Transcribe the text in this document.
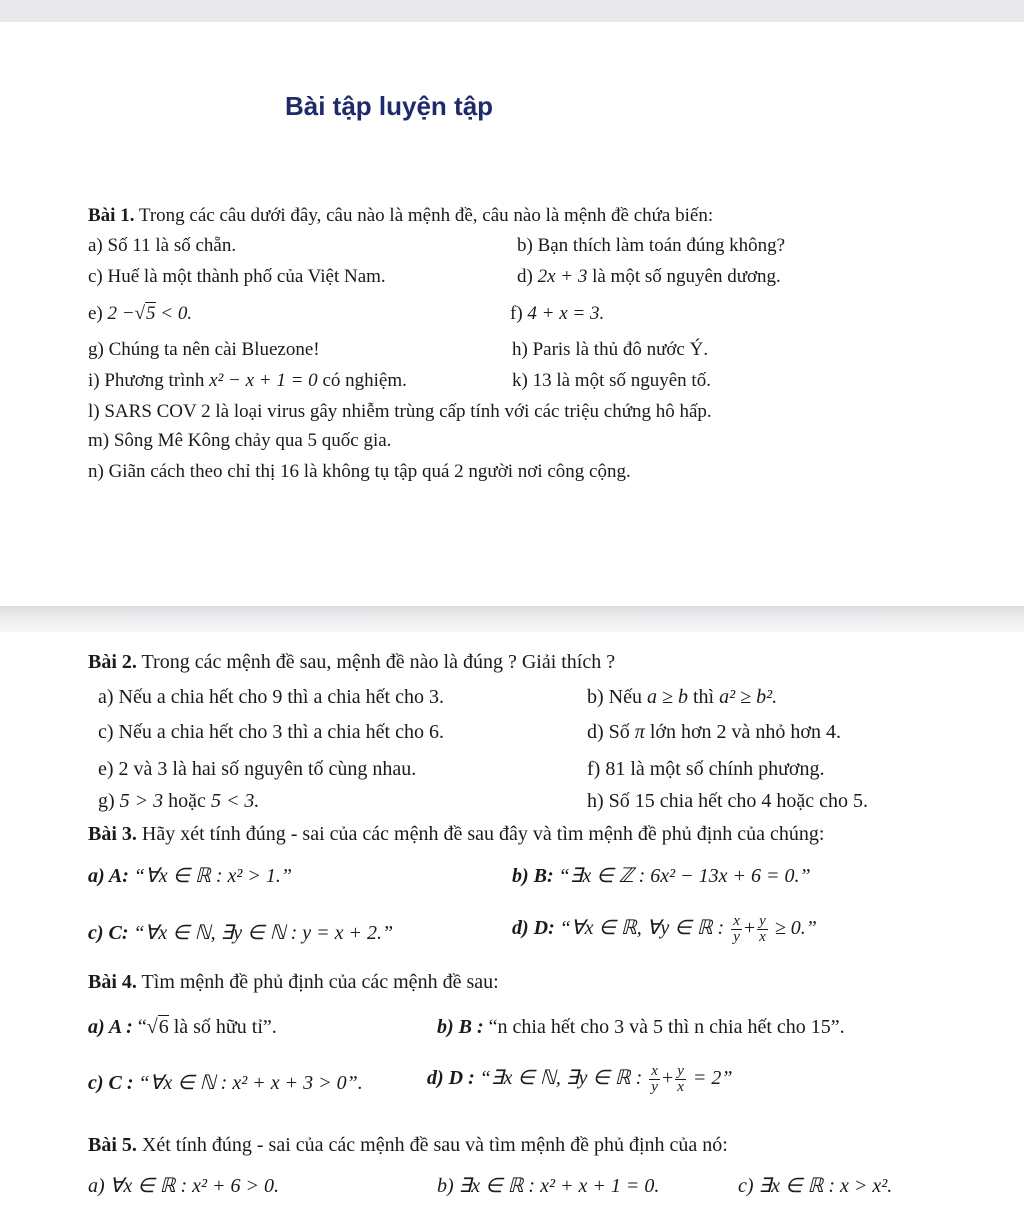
Bài tập luyện tập
Bài 1. Trong các câu dưới đây, câu nào là mệnh đề, câu nào là mệnh đề chứa biến:
a) Số 11 là số chẵn.	b) Bạn thích làm toán đúng không?
c) Huế là một thành phố của Việt Nam.	d) 2x + 3 là một số nguyên dương.
e) 2 −√5 < 0.	f) 4 + x = 3.
g) Chúng ta nên cài Bluezone!	h) Paris là thủ đô nước Ý.
i) Phương trình x² − x + 1 = 0 có nghiệm.	k) 13 là một số nguyên tố.
l) SARS COV 2 là loại virus gây nhiễm trùng cấp tính với các triệu chứng hô hấp.
m) Sông Mê Kông chảy qua 5 quốc gia.
n) Giãn cách theo chỉ thị 16 là không tụ tập quá 2 người nơi công cộng.
Bài 2. Trong các mệnh đề sau, mệnh đề nào là đúng ? Giải thích ?
a) Nếu a chia hết cho 9 thì a chia hết cho 3.	b) Nếu a ≥ b thì a² ≥ b².
c) Nếu a chia hết cho 3 thì a chia hết cho 6.	d) Số π lớn hơn 2 và nhỏ hơn 4.
e) 2 và 3 là hai số nguyên tố cùng nhau.	f) 81 là một số chính phương.
g) 5 > 3 hoặc 5 < 3.	h) Số 15 chia hết cho 4 hoặc cho 5.
Bài 3. Hãy xét tính đúng - sai của các mệnh đề sau đây và tìm mệnh đề phủ định của chúng:
a) A: “∀x ∈ ℝ : x² > 1.”	b) B: “∃x ∈ ℤ : 6x² − 13x + 6 = 0.”
c) C: “∀x ∈ ℕ, ∃y ∈ ℕ : y = x + 2.”	d) D: “∀x ∈ ℝ, ∀y ∈ ℝ : $\frac{x}{y} + \frac{y}{x} \ge 0$.”
Bài 4. Tìm mệnh đề phủ định của các mệnh đề sau:
a) A : “√6 là số hữu tỉ”.	b) B : “n chia hết cho 3 và 5 thì n chia hết cho 15”.
c) C : “∀x ∈ ℕ : x² + x + 3 > 0”.	d) D : “∃x ∈ ℕ, ∃y ∈ ℝ : $\frac{x}{y} + \frac{y}{x} = 2$”
Bài 5. Xét tính đúng - sai của các mệnh đề sau và tìm mệnh đề phủ định của nó:
a) ∀x ∈ ℝ : x² + 6 > 0.	b) ∃x ∈ ℝ : x² + x + 1 = 0.	c) ∃x ∈ ℝ : x > x².
